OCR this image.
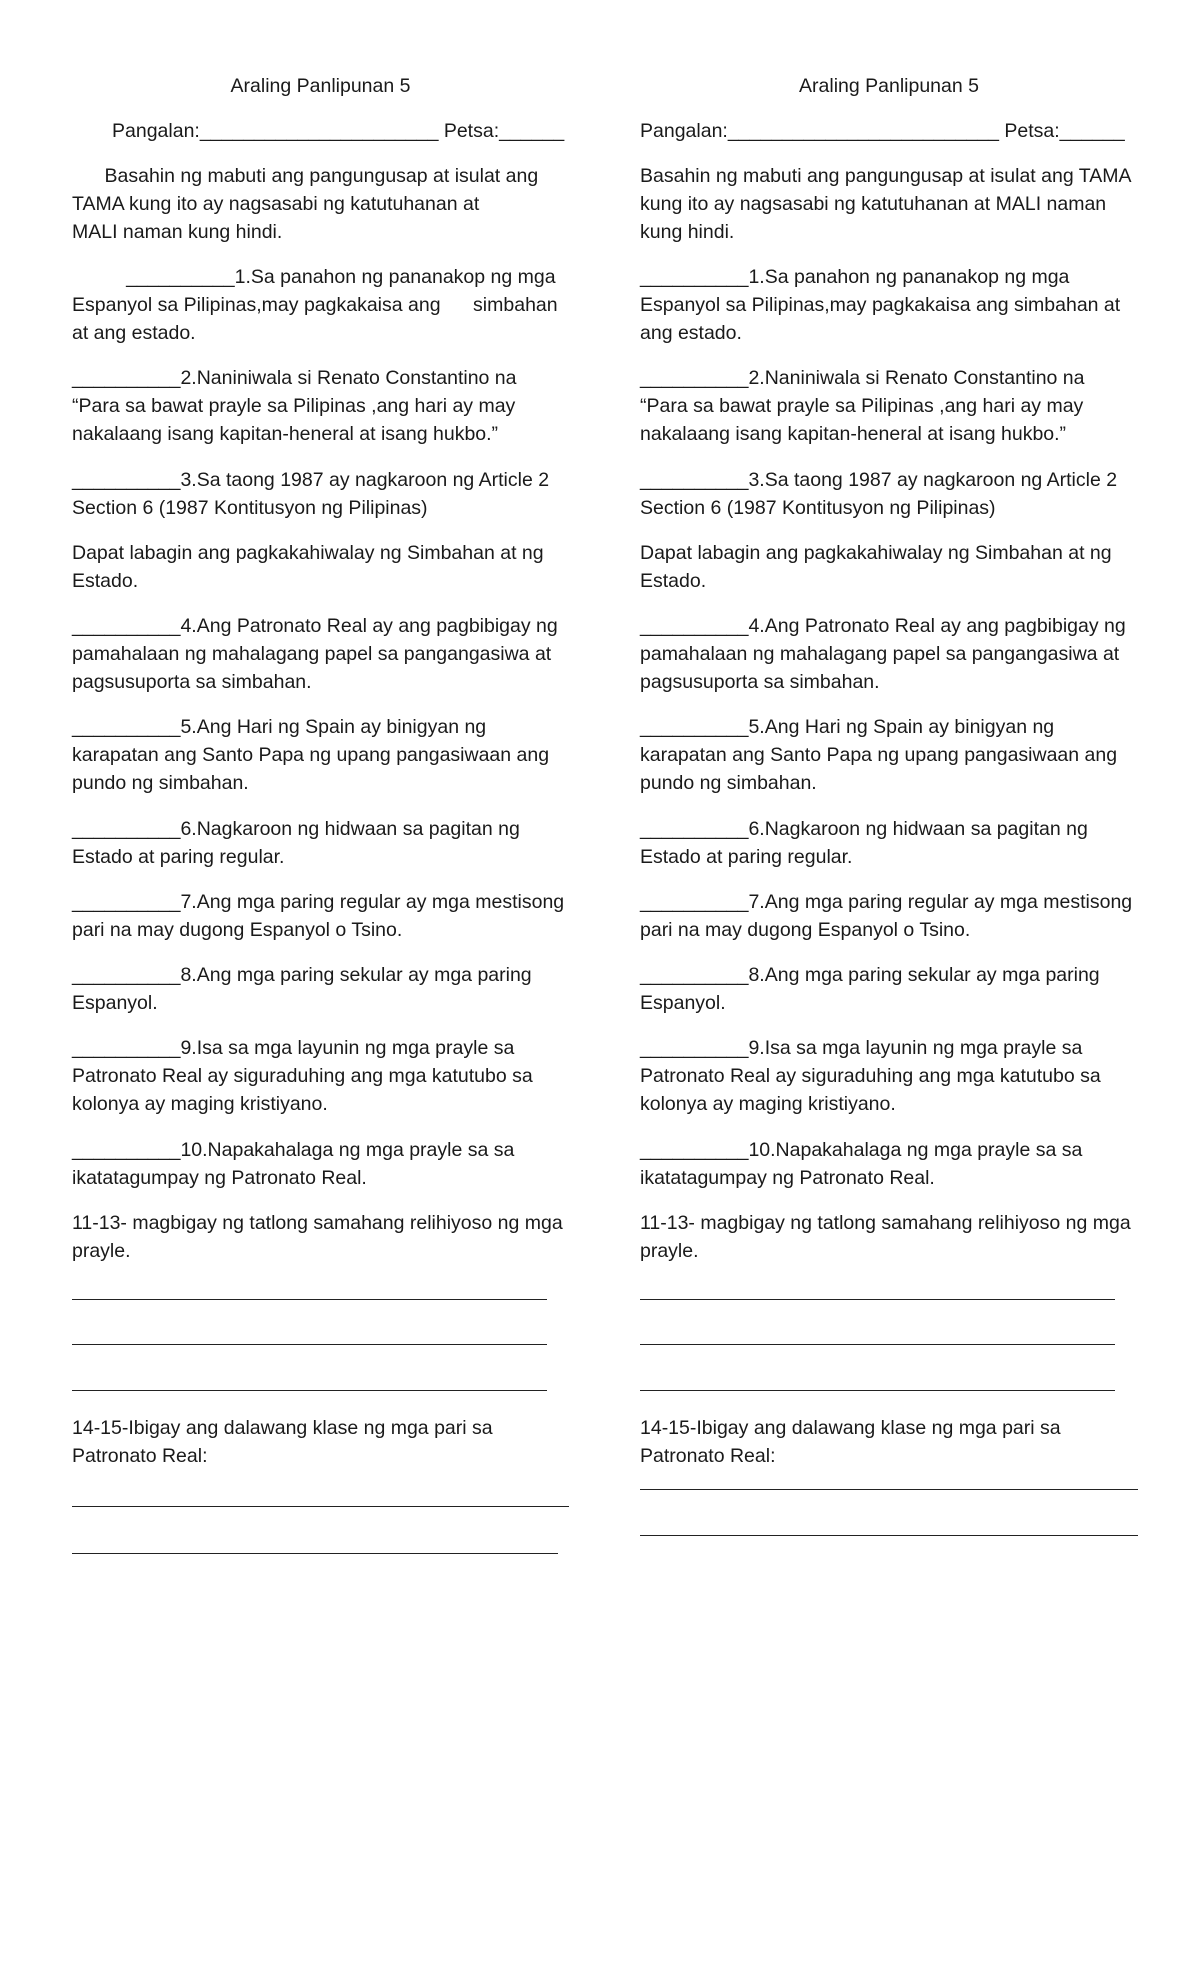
Araling Panlipunan 5
Pangalan:______________________ Petsa:______
Basahin ng mabuti ang pangungusap at isulat ang
TAMA kung ito ay nagsasabi ng katutuhanan at
MALI naman kung hindi.
__________1.Sa panahon ng pananakop ng mga
Espanyol sa Pilipinas,may pagkakaisa ang      simbahan
at ang estado.
__________2.Naniniwala si Renato Constantino na
“Para sa bawat prayle sa Pilipinas ,ang hari ay may
nakalaang isang kapitan-heneral at isang hukbo.”
__________3.Sa taong 1987 ay nagkaroon ng Article 2
Section 6 (1987 Kontitusyon ng Pilipinas)
Dapat labagin ang pagkakahiwalay ng Simbahan at ng
Estado.
__________4.Ang Patronato Real ay ang pagbibigay ng
pamahalaan ng mahalagang papel sa pangangasiwa at
pagsusuporta sa simbahan.
__________5.Ang Hari ng Spain ay binigyan ng
karapatan ang Santo Papa ng upang pangasiwaan ang
pundo ng simbahan.
__________6.Nagkaroon ng hidwaan sa pagitan ng
Estado at paring regular.
__________7.Ang mga paring regular ay mga mestisong
pari na may dugong Espanyol o Tsino.
__________8.Ang mga paring sekular ay mga paring
Espanyol.
__________9.Isa sa mga layunin ng mga prayle sa
Patronato Real ay siguraduhing ang mga katutubo sa
kolonya ay maging kristiyano.
__________10.Napakahalaga ng mga prayle sa sa
ikatatagumpay ng Patronato Real.
11-13- magbigay ng tatlong samahang relihiyoso ng mga
prayle.
14-15-Ibigay ang dalawang klase ng mga pari sa
Patronato Real:
Araling Panlipunan 5
Pangalan:_________________________ Petsa:______
Basahin ng mabuti ang pangungusap at isulat ang TAMA
kung ito ay nagsasabi ng katutuhanan at MALI naman
kung hindi.
__________1.Sa panahon ng pananakop ng mga
Espanyol sa Pilipinas,may pagkakaisa ang simbahan at
ang estado.
__________2.Naniniwala si Renato Constantino na
“Para sa bawat prayle sa Pilipinas ,ang hari ay may
nakalaang isang kapitan-heneral at isang hukbo.”
__________3.Sa taong 1987 ay nagkaroon ng Article 2
Section 6 (1987 Kontitusyon ng Pilipinas)
Dapat labagin ang pagkakahiwalay ng Simbahan at ng
Estado.
__________4.Ang Patronato Real ay ang pagbibigay ng
pamahalaan ng mahalagang papel sa pangangasiwa at
pagsusuporta sa simbahan.
__________5.Ang Hari ng Spain ay binigyan ng
karapatan ang Santo Papa ng upang pangasiwaan ang
pundo ng simbahan.
__________6.Nagkaroon ng hidwaan sa pagitan ng
Estado at paring regular.
__________7.Ang mga paring regular ay mga mestisong
pari na may dugong Espanyol o Tsino.
__________8.Ang mga paring sekular ay mga paring
Espanyol.
__________9.Isa sa mga layunin ng mga prayle sa
Patronato Real ay siguraduhing ang mga katutubo sa
kolonya ay maging kristiyano.
__________10.Napakahalaga ng mga prayle sa sa
ikatatagumpay ng Patronato Real.
11-13- magbigay ng tatlong samahang relihiyoso ng mga
prayle.
14-15-Ibigay ang dalawang klase ng mga pari sa
Patronato Real:
